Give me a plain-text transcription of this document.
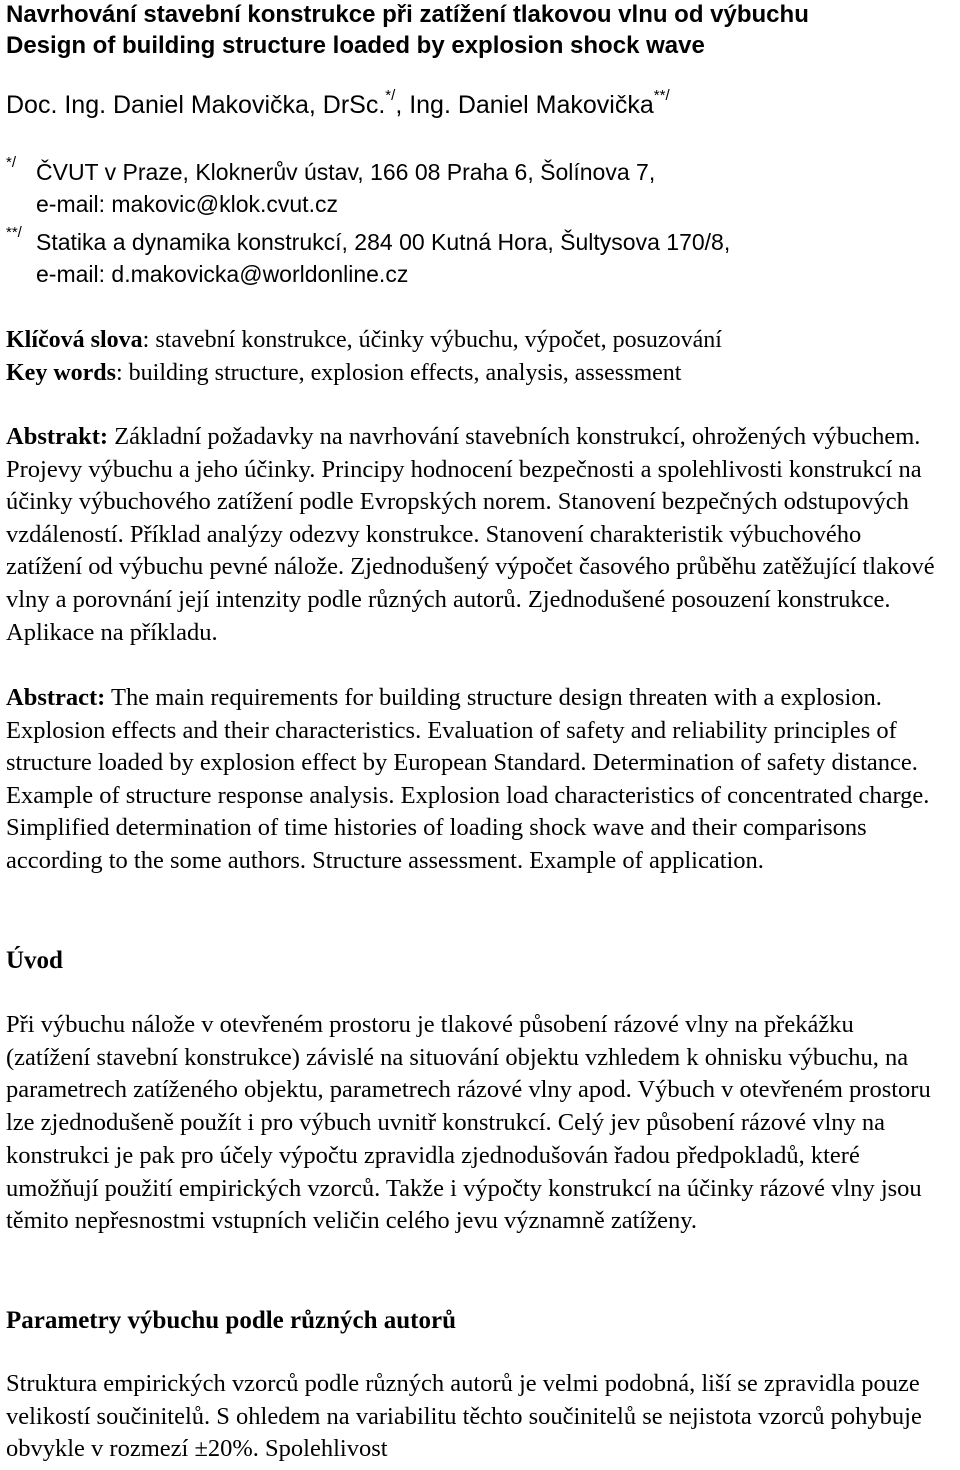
Navrhování stavební konstrukce při zatížení tlakovou vlnu od výbuchu
Design of building structure loaded by explosion shock wave
Doc. Ing. Daniel Makovička, DrSc.*/, Ing. Daniel Makovička**/
*/ ČVUT v Praze, Kloknerův ústav, 166 08 Praha 6, Šolínova 7,
e-mail: makovic@klok.cvut.cz
**/ Statika a dynamika konstrukcí, 284 00 Kutná Hora, Šultysova 170/8,
e-mail: d.makovicka@worldonline.cz
Klíčová slova: stavební konstrukce, účinky výbuchu, výpočet, posuzování
Key words: building structure, explosion effects, analysis, assessment
Abstrakt: Základní požadavky na navrhování stavebních konstrukcí, ohrožených výbuchem. Projevy výbuchu a jeho účinky. Principy hodnocení bezpečnosti a spolehlivosti konstrukcí na účinky výbuchového zatížení podle Evropských norem. Stanovení bezpečných odstupových vzdáleností. Příklad analýzy odezvy konstrukce. Stanovení charakteristik výbuchového zatížení od výbuchu pevné nálože. Zjednodušený výpočet časového průběhu zatěžující tlakové vlny a porovnání její intenzity podle různých autorů. Zjednodušené posouzení konstrukce. Aplikace na příkladu.
Abstract: The main requirements for building structure design threaten with a explosion. Explosion effects and their characteristics. Evaluation of safety and reliability principles of structure loaded by explosion effect by European Standard. Determination of safety distance. Example of structure response analysis. Explosion load characteristics of concentrated charge. Simplified determination of time histories of loading shock wave and their comparisons according to the some authors. Structure assessment. Example of application.
Úvod
Při výbuchu nálože v otevřeném prostoru je tlakové působení rázové vlny na překážku (zatížení stavební konstrukce) závislé na situování objektu vzhledem k ohnisku výbuchu, na parametrech zatíženého objektu, parametrech rázové vlny apod. Výbuch v otevřeném prostoru lze zjednodušeně použít i pro výbuch uvnitř konstrukcí. Celý jev působení rázové vlny na konstrukci je pak pro účely výpočtu zpravidla zjednodušován řadou předpokladů, které umožňují použití empirických vzorců. Takže i výpočty konstrukcí na účinky rázové vlny jsou těmito nepřesnostmi vstupních veličin celého jevu významně zatíženy.
Parametry výbuchu podle různých autorů
Struktura empirických vzorců podle různých autorů je velmi podobná, liší se zpravidla pouze velikostí součinitelů. S ohledem na variabilitu těchto součinitelů se nejistota vzorců pohybuje obvykle v rozmezí ±20%. Spolehlivost
